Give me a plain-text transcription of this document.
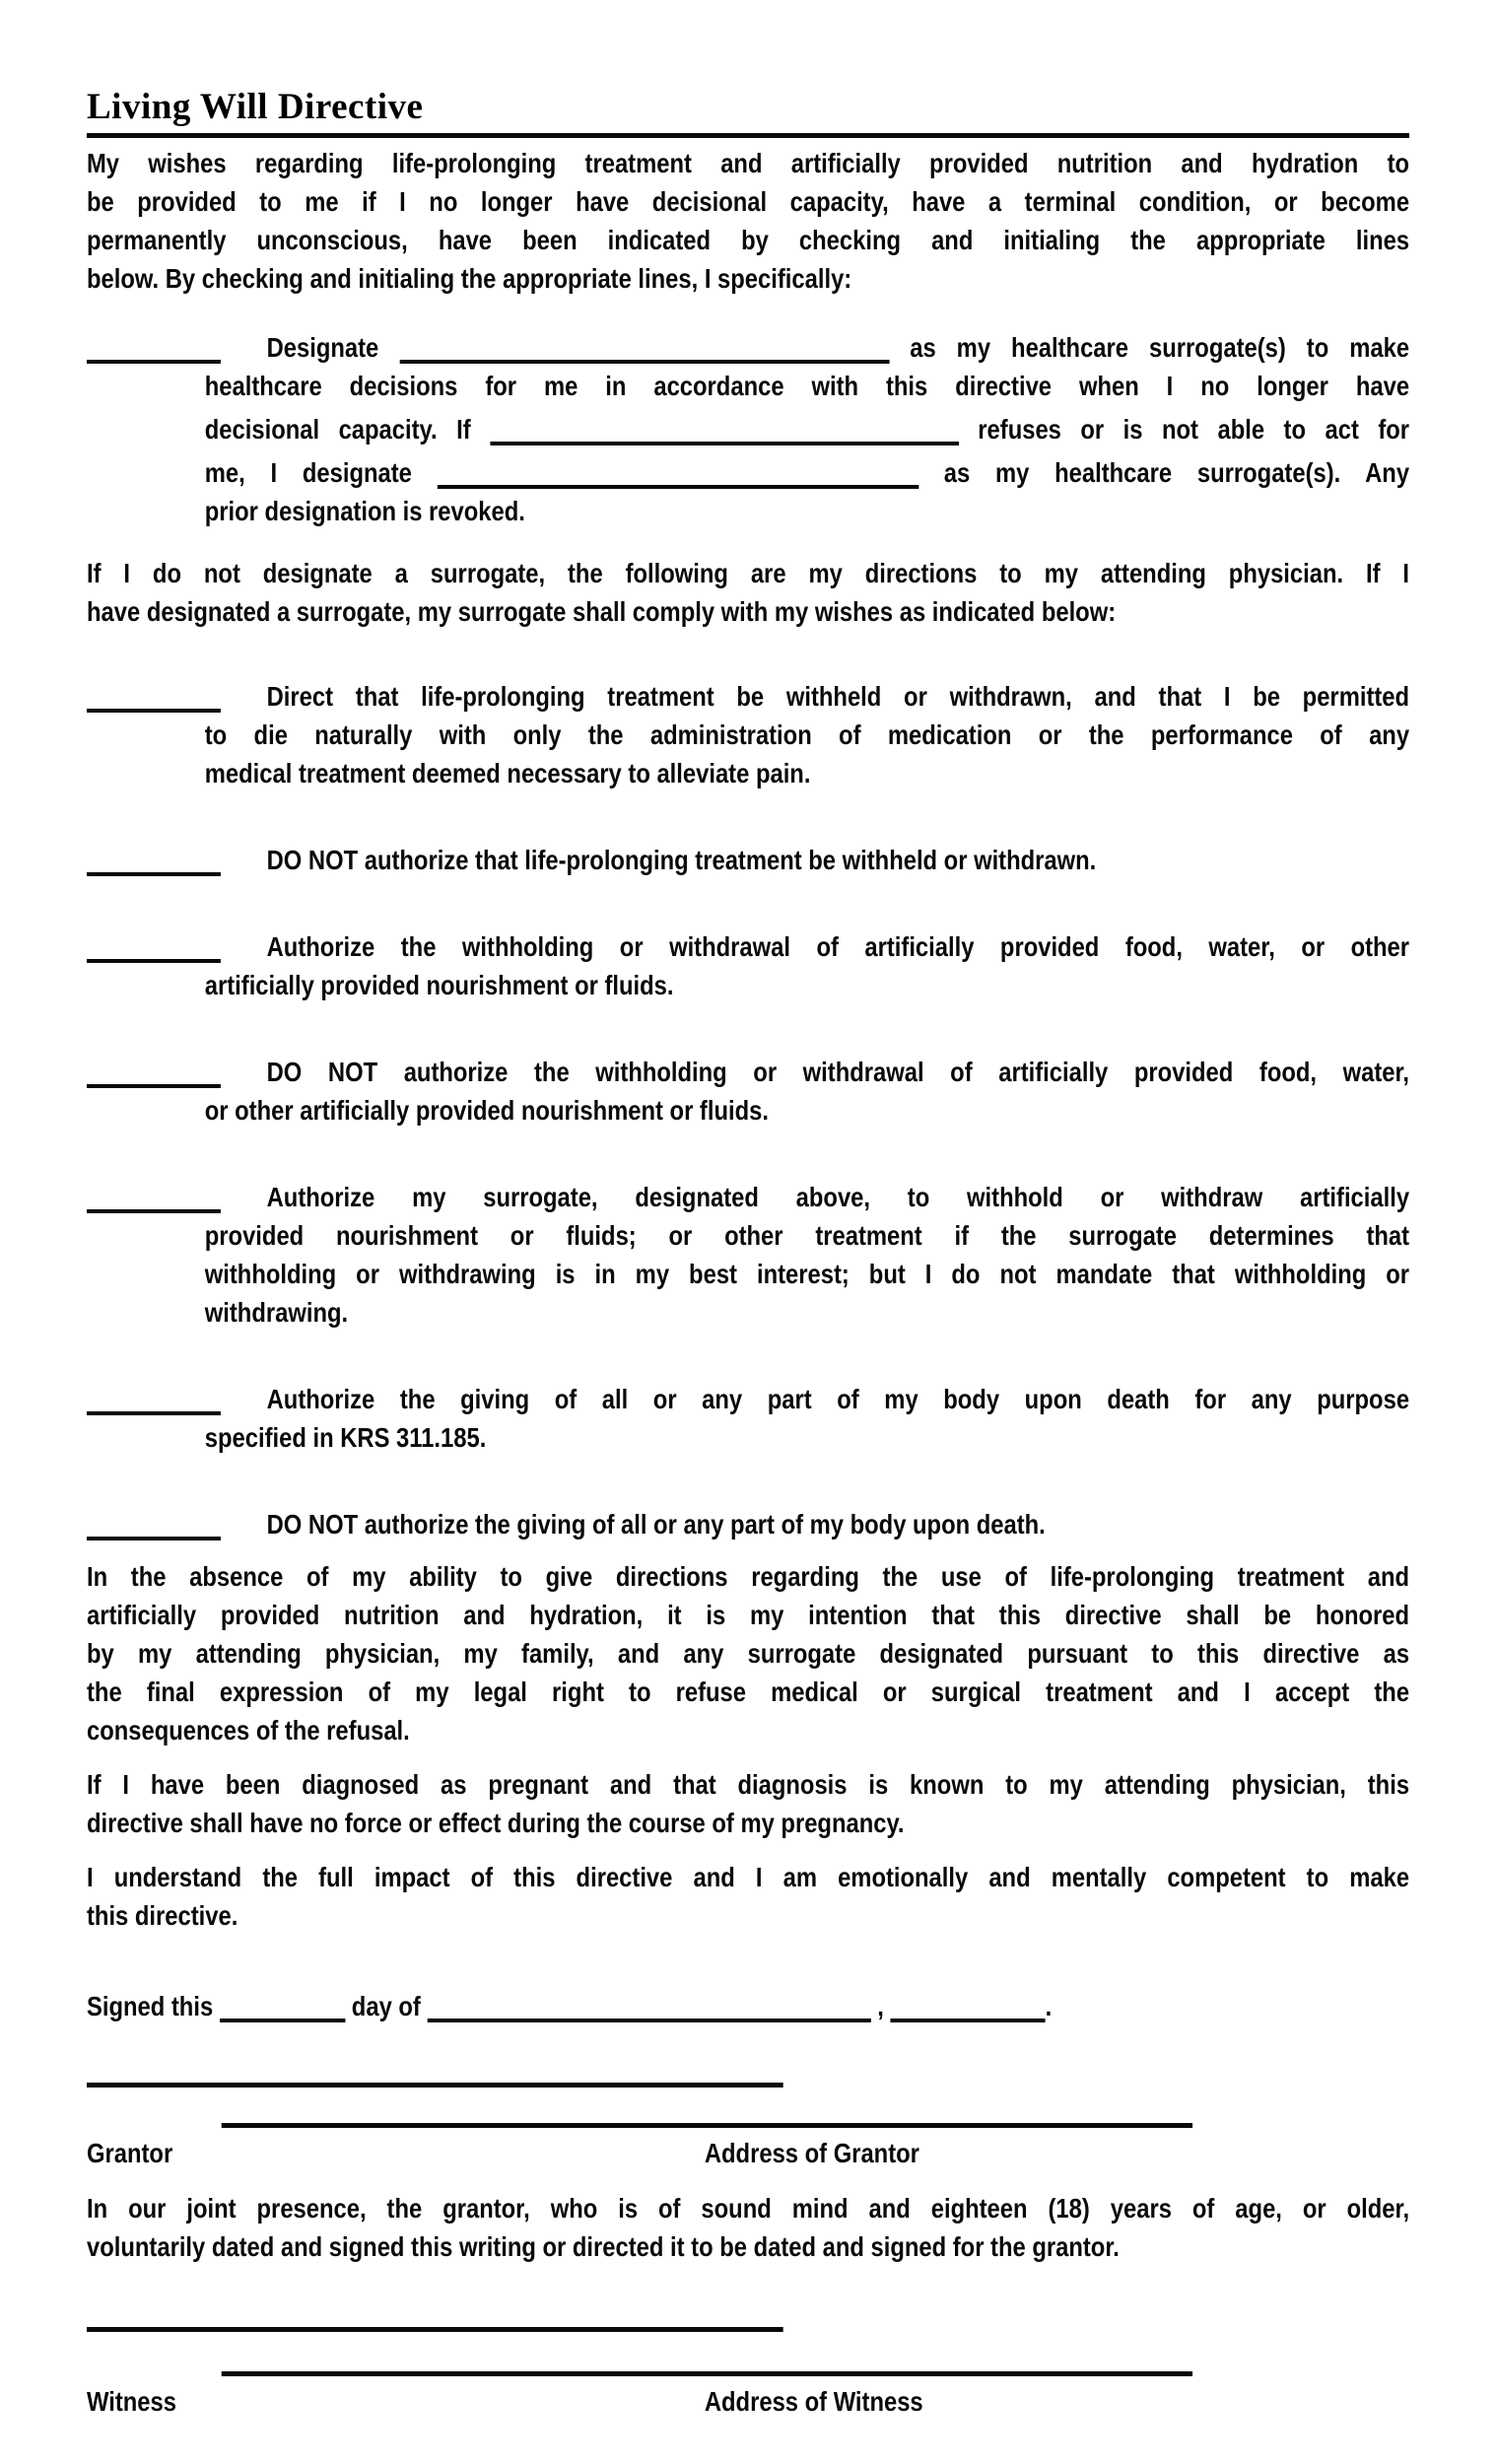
Living Will Directive
My wishes regarding life-prolonging treatment and artificially provided nutrition and hydration to
be provided to me if I no longer have decisional capacity, have a terminal condition, or become
permanently unconscious, have been indicated by checking and initialing the appropriate lines
below. By checking and initialing the appropriate lines, I specifically:
Designate	as my healthcare surrogate(s) to make
healthcare decisions for me in accordance with this directive when I no longer have
decisional capacity. If	refuses or is not able to act for
me, I designate	as my healthcare surrogate(s). Any
prior designation is revoked.
If I do not designate a surrogate, the following are my directions to my attending physician. If I
have designated a surrogate, my surrogate shall comply with my wishes as indicated below:
Direct that life-prolonging treatment be withheld or withdrawn, and that I be permitted
to die naturally with only the administration of medication or the performance of any
medical treatment deemed necessary to alleviate pain.
DO NOT authorize that life-prolonging treatment be withheld or withdrawn.
Authorize the withholding or withdrawal of artificially provided food, water, or other
artificially provided nourishment or fluids.
DO NOT authorize the withholding or withdrawal of artificially provided food, water,
or other artificially provided nourishment or fluids.
Authorize my surrogate, designated above, to withhold or withdraw artificially
provided nourishment or fluids; or other treatment if the surrogate determines that
withholding or withdrawing is in my best interest; but I do not mandate that withholding or
withdrawing.
Authorize the giving of all or any part of my body upon death for any purpose
specified in KRS 311.185.
DO NOT authorize the giving of all or any part of my body upon death.
In the absence of my ability to give directions regarding the use of life-prolonging treatment and
artificially provided nutrition and hydration, it is my intention that this directive shall be honored
by my attending physician, my family, and any surrogate designated pursuant to this directive as
the final expression of my legal right to refuse medical or surgical treatment and I accept the
consequences of the refusal.
If I have been diagnosed as pregnant and that diagnosis is known to my attending physician, this
directive shall have no force or effect during the course of my pregnancy.
I understand the full impact of this directive and I am emotionally and mentally competent to make
this directive.
Signed this	day of	,	.
Grantor	Address of Grantor
In our joint presence, the grantor, who is of sound mind and eighteen (18) years of age, or older,
voluntarily dated and signed this writing or directed it to be dated and signed for the grantor.
Witness	Address of Witness
